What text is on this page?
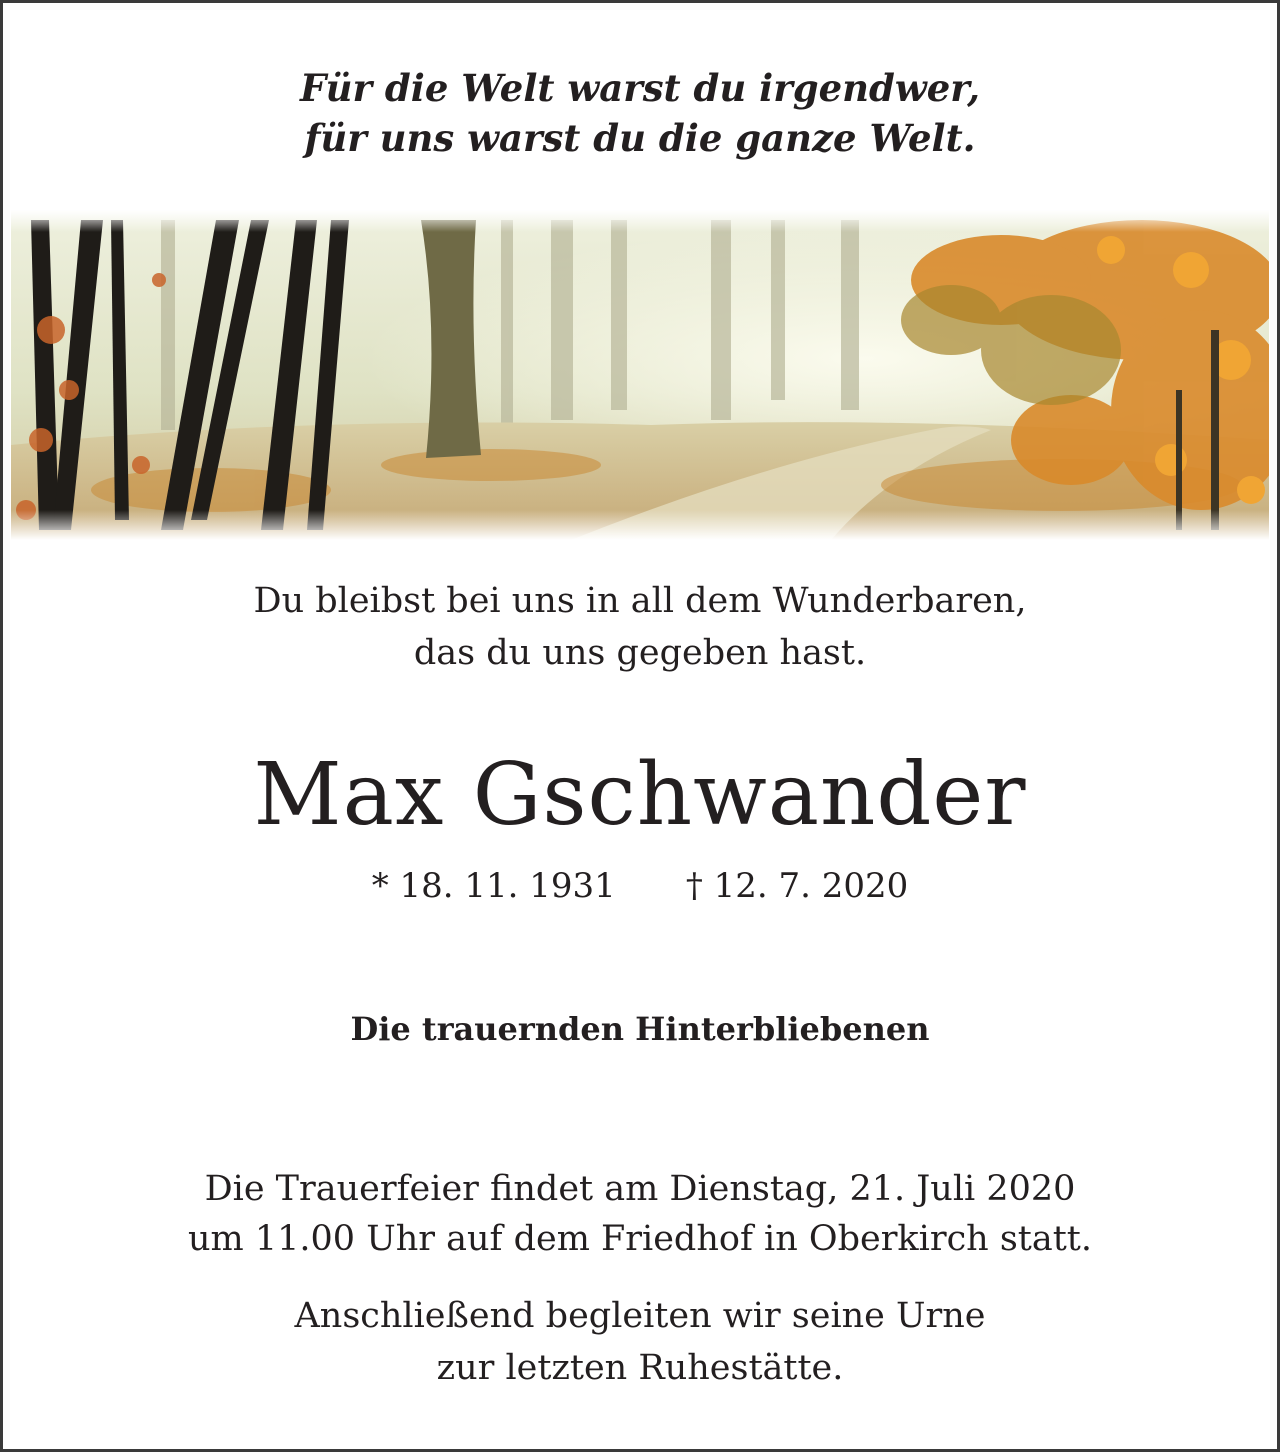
Für die Welt warst du irgendwer,
für uns warst du die ganze Welt.
Du bleibst bei uns in all dem Wunderbaren,
das du uns gegeben hast.
Max Gschwander
* 18. 11. 1931 † 12. 7. 2020
Die trauernden Hinterbliebenen
Die Trauerfeier findet am Dienstag, 21. Juli 2020
um 11.00 Uhr auf dem Friedhof in Oberkirch statt.
Anschließend begleiten wir seine Urne
zur letzten Ruhestätte.
